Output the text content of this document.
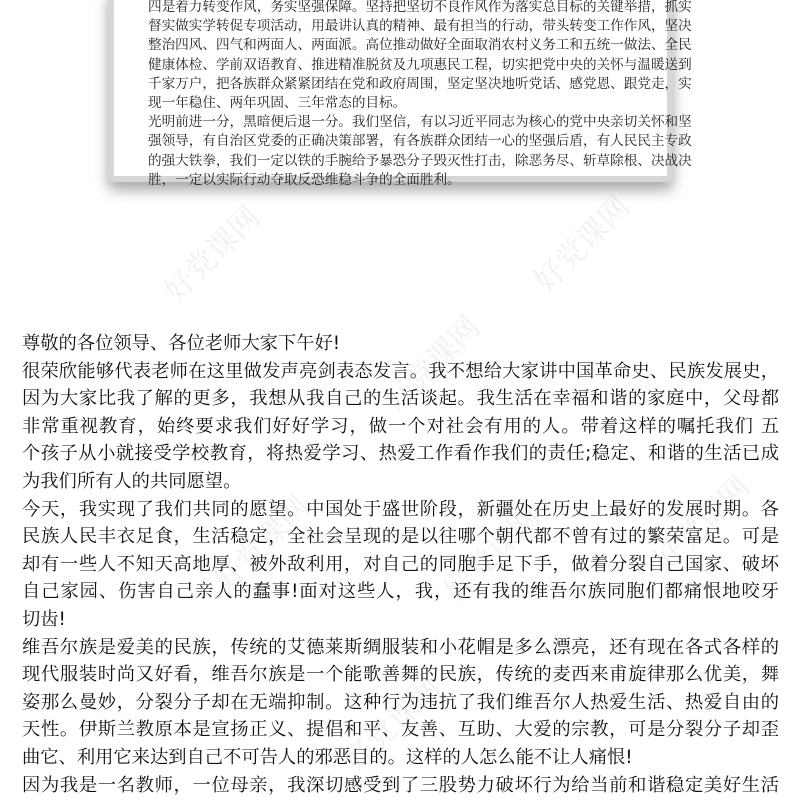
好党课网	好党课网
好党课网
好党课网	好党课网	好党课网
好党课网
四是着力转变作风，务实坚强保障。坚持把坚切不良作风作为落实总目标的关键举措，抓实
督实做实学转促专项活动，用最讲认真的精神、最有担当的行动，带头转变工作作风，坚决
整治四风、四气和两面人、两面派。高位推动做好全面取消农村义务工和五统一做法、全民
健康体检、学前双语教育、推进精准脱贫及九项惠民工程，切实把党中央的关怀与温暖送到
千家万户，把各族群众紧紧团结在党和政府周围，坚定坚决地听党话、感党恩、跟党走，实
现一年稳住、两年巩固、三年常态的目标。
光明前进一分，黑暗便后退一分。我们坚信，有以习近平同志为核心的党中央亲切关怀和坚
强领导，有自治区党委的正确决策部署，有各族群众团结一心的坚强后盾，有人民民主专政
的强大铁拳，我们一定以铁的手腕给予暴恐分子毁灭性打击，除恶务尽、斩草除根、决战决
胜，一定以实际行动夺取反恐维稳斗争的全面胜利。
尊敬的各位领导、各位老师大家下午好!
很荣欣能够代表老师在这里做发声亮剑表态发言。我不想给大家讲中国革命史、民族发展史，
因为大家比我了解的更多，我想从我自己的生活谈起。我生活在幸福和谐的家庭中，父母都
非常重视教育，始终要求我们好好学习，做一个对社会有用的人。带着这样的嘱托我们 五
个孩子从小就接受学校教育，将热爱学习、热爱工作看作我们的责任;稳定、和谐的生活已成
为我们所有人的共同愿望。
今天，我实现了我们共同的愿望。中国处于盛世阶段，新疆处在历史上最好的发展时期。各
民族人民丰衣足食，生活稳定，全社会呈现的是以往哪个朝代都不曾有过的繁荣富足。可是
却有一些人不知天高地厚、被外敌利用，对自己的同胞手足下手，做着分裂自己国家、破坏
自己家园、伤害自己亲人的蠢事!面对这些人，我，还有我的维吾尔族同胞们都痛恨地咬牙
切齿!
维吾尔族是爱美的民族，传统的艾德莱斯绸服装和小花帽是多么漂亮，还有现在各式各样的
现代服装时尚又好看，维吾尔族是一个能歌善舞的民族，传统的麦西来甫旋律那么优美，舞
姿那么曼妙，分裂分子却在无端抑制。这种行为违抗了我们维吾尔人热爱生活、热爱自由的
天性。伊斯兰教原本是宣扬正义、提倡和平、友善、互助、大爱的宗教，可是分裂分子却歪
曲它、利用它来达到自己不可告人的邪恶目的。这样的人怎么能不让人痛恨!
因为我是一名教师，一位母亲，我深切感受到了三股势力破坏行为给当前和谐稳定美好生活
